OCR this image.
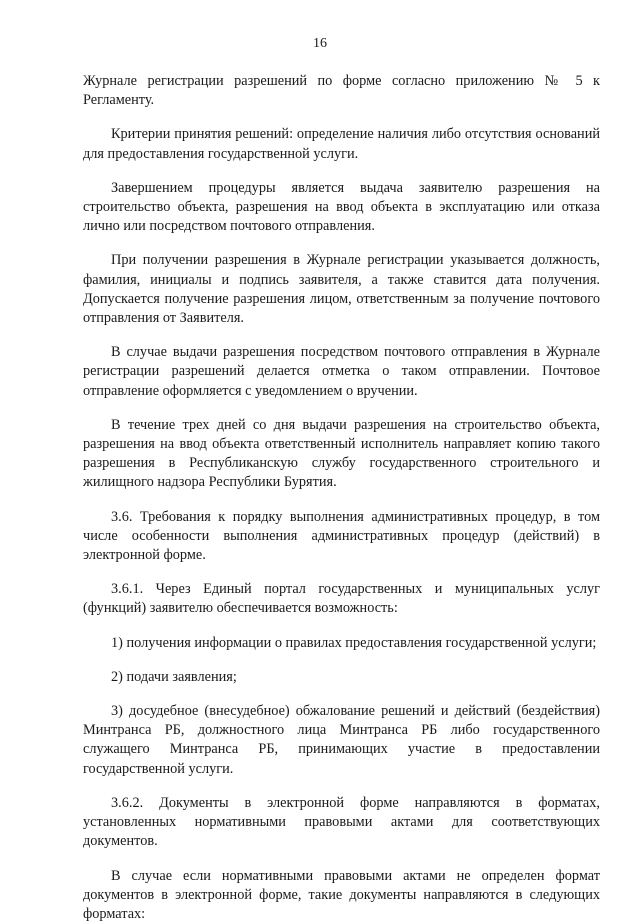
16

Журнале регистрации разрешений по форме согласно приложению № 5 к Регламенту.

Критерии принятия решений: определение наличия либо отсутствия оснований для предоставления государственной услуги.

Завершением процедуры является выдача заявителю разрешения на строительство объекта, разрешения на ввод объекта в эксплуатацию или отказа лично или посредством почтового отправления.

При получении разрешения в Журнале регистрации указывается должность, фамилия, инициалы и подпись заявителя, а также ставится дата получения. Допускается получение разрешения лицом, ответственным за получение почтового отправления от Заявителя.

В случае выдачи разрешения посредством почтового отправления в Журнале регистрации разрешений делается отметка о таком отправлении. Почтовое отправление оформляется с уведомлением о вручении.

В течение трех дней со дня выдачи разрешения на строительство объекта, разрешения на ввод объекта ответственный исполнитель направляет копию такого разрешения в Республиканскую службу государственного строительного и жилищного надзора Республики Бурятия.

3.6. Требования к порядку выполнения административных процедур, в том числе особенности выполнения административных процедур (действий) в электронной форме.

3.6.1. Через Единый портал государственных и муниципальных услуг (функций) заявителю обеспечивается возможность:

1) получения информации о правилах предоставления государственной услуги;

2) подачи заявления;

3) досудебное (внесудебное) обжалование решений и действий (бездействия) Минтранса РБ, должностного лица Минтранса РБ либо государственного служащего Минтранса РБ, принимающих участие в предоставлении государственной услуги.

3.6.2. Документы в электронной форме направляются в форматах, установленных нормативными правовыми актами для соответствующих документов.

В случае если нормативными правовыми актами не определен формат документов в электронной форме, такие документы направляются в следующих форматах:
